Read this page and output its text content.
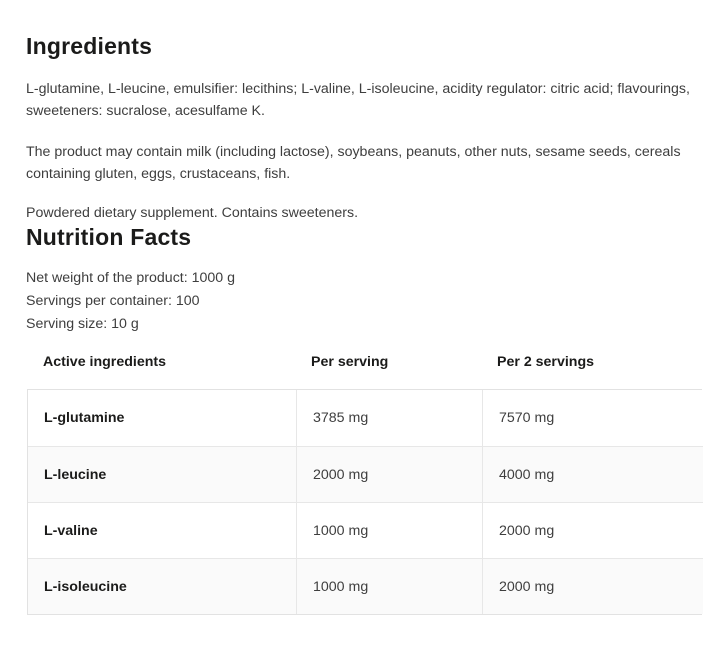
Ingredients

L-glutamine, L-leucine, emulsifier: lecithins; L-valine, L-isoleucine, acidity regulator: citric acid; flavourings,
sweeteners: sucralose, acesulfame K.

The product may contain milk (including lactose), soybeans, peanuts, other nuts, sesame seeds, cereals
containing gluten, eggs, crustaceans, fish.

Powdered dietary supplement. Contains sweeteners.

Nutrition Facts
Net weight of the product: 1000 g
Servings per container: 100
Serving size: 10 g
Active ingredients	Per serving	Per 2 servings
L-glutamine	3785 mg	7570 mg
L-leucine	2000 mg	4000 mg
L-valine	1000 mg	2000 mg
L-isoleucine	1000 mg	2000 mg
